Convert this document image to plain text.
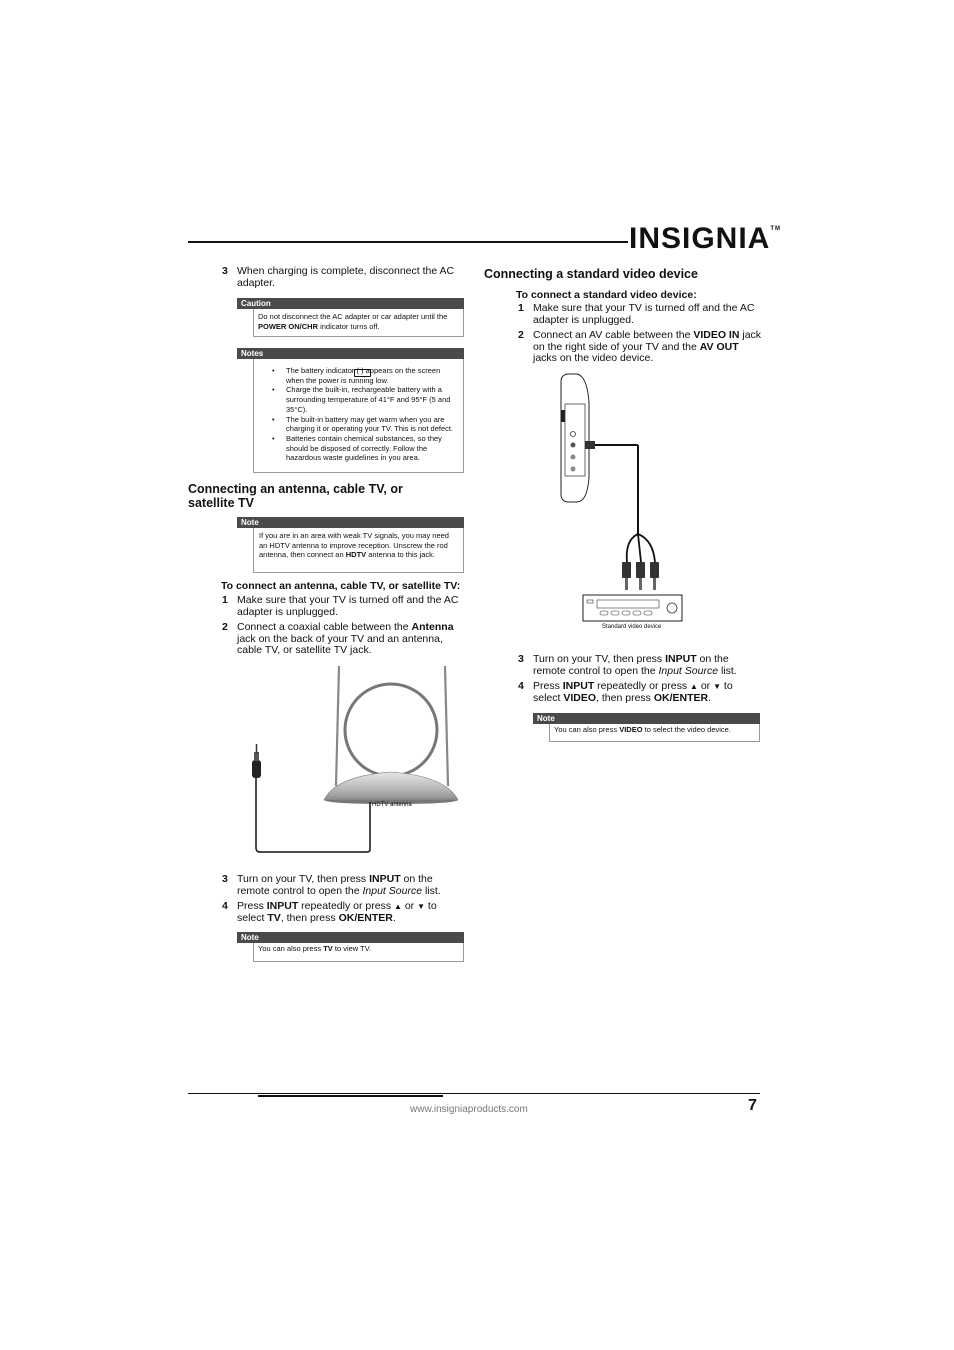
INSIGNIA™
3 When charging is complete, disconnect the AC adapter.
Caution
Do not disconnect the AC adapter or car adapter until the
POWER ON/CHR indicator turns off.
Notes
• The battery indicator ( ) appears on the screen when the power is running low.
• Charge the built-in, rechargeable battery with a surrounding temperature of 41°F and 95°F (5 and 35°C).
• The built-in battery may get warm when you are charging it or operating your TV. This is not defect.
• Batteries contain chemical substances, so they should be disposed of correctly. Follow the hazardous waste guidelines in you area.
Connecting an antenna, cable TV, or
satellite TV
Note
If you are in an area with weak TV signals, you may need an HDTV antenna to improve reception. Unscrew the rod antenna, then connect an HDTV antenna to this jack.
To connect an antenna, cable TV, or satellite TV:
1 Make sure that your TV is turned off and the AC adapter is unplugged.
2 Connect a coaxial cable between the Antenna jack on the back of your TV and an antenna, cable TV, or satellite TV jack.
HDTV antenna
3 Turn on your TV, then press INPUT on the remote control to open the Input Source list.
4 Press INPUT repeatedly or press ▲ or ▼ to select TV, then press OK/ENTER.
Note
You can also press TV to view TV.
Connecting a standard video device
To connect a standard video device:
1 Make sure that your TV is turned off and the AC adapter is unplugged.
2 Connect an AV cable between the VIDEO IN jack on the right side of your TV and the AV OUT jacks on the video device.
Standard video device
3 Turn on your TV, then press INPUT on the remote control to open the Input Source list.
4 Press INPUT repeatedly or press ▲ or ▼ to select VIDEO, then press OK/ENTER.
Note
You can also press VIDEO to select the video device.
www.insigniaproducts.com	7
